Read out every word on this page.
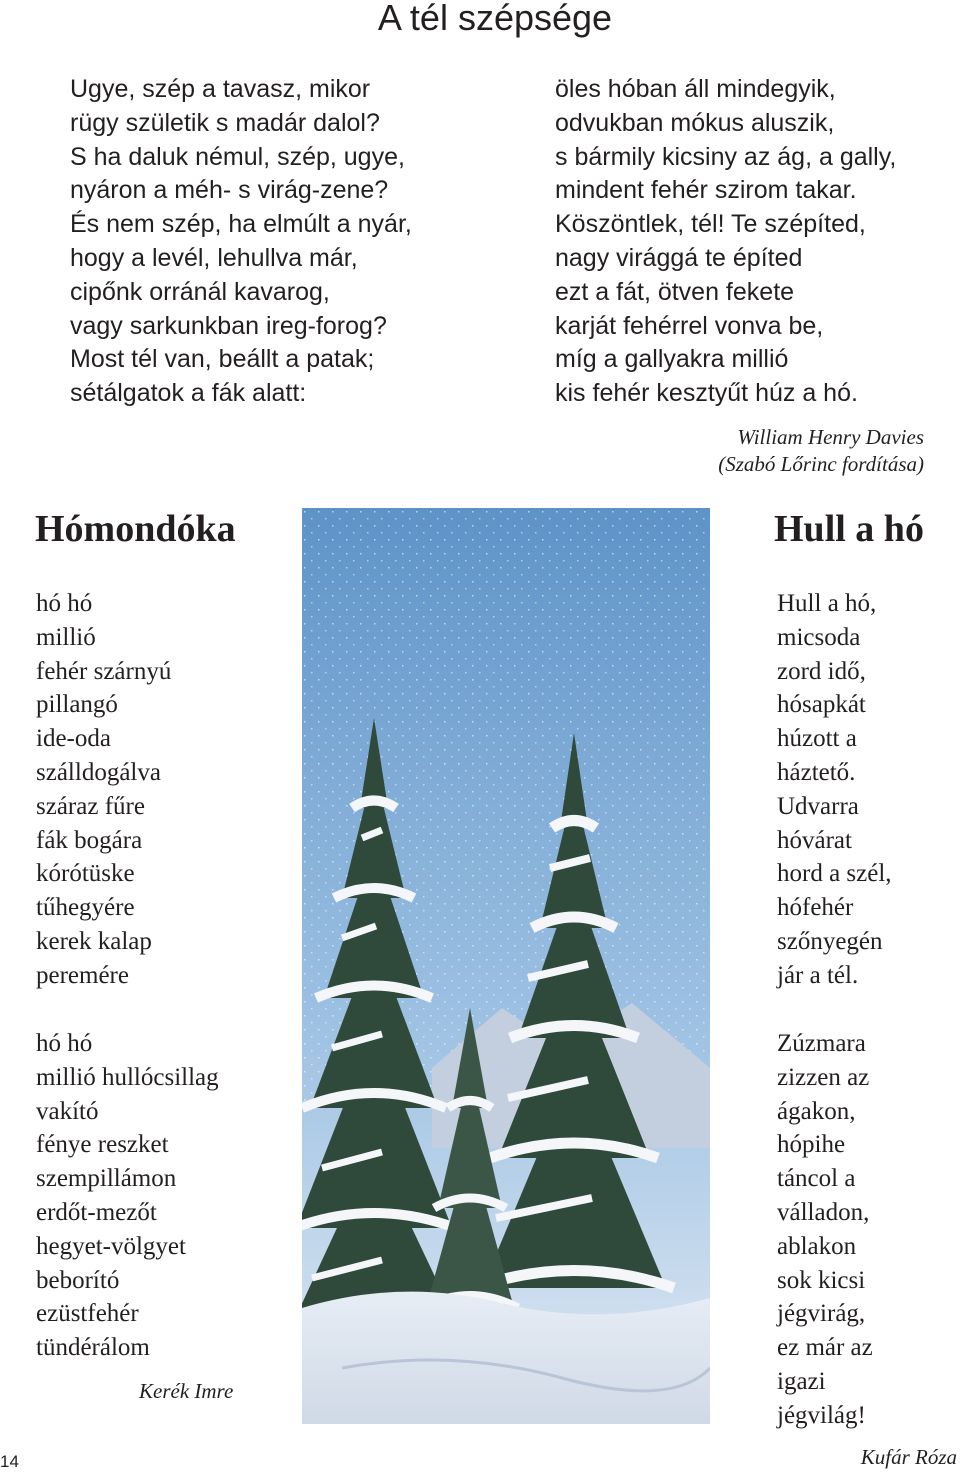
A tél szépsége
Ugye, szép a tavasz, mikor
rügy születik s madár dalol?
S ha daluk némul, szép, ugye,
nyáron a méh- s virág-zene?
És nem szép, ha elmúlt a nyár,
hogy a levél, lehullva már,
cipőnk orránál kavarog,
vagy sarkunkban ireg-forog?
Most tél van, beállt a patak;
sétálgatok a fák alatt:
öles hóban áll mindegyik,
odvukban mókus aluszik,
s bármily kicsiny az ág, a gally,
mindent fehér szirom takar.
Köszöntlek, tél! Te szépíted,
nagy virággá te építed
ezt a fát, ötven fekete
karját fehérrel vonva be,
míg a gallyakra millió
kis fehér kesztyűt húz a hó.

William Henry Davies
(Szabó Lőrinc fordítása)

Hómondóka	Hull a hó
hó hó
millió
fehér szárnyú
pillangó
ide-oda
szálldogálva
száraz fűre
fák bogára
kórótüske
tűhegyére
kerek kalap
peremére
hó hó
millió hullócsillag
vakító
fénye reszket
szempillámon
erdőt-mezőt
hegyet-völgyet
beborító
ezüstfehér
tündérálom

Kerék Imre

Hull a hó,
micsoda
zord idő,
hósapkát
húzott a
háztető.
Udvarra
hóvárat
hord a szél,
hófehér
szőnyegén
jár a tél.
Zúzmara
zizzen az
ágakon,
hópihe
táncol a
válladon,
ablakon
sok kicsi
jégvirág,
ez már az
igazi
jégvilág!

Kufár Róza

14
